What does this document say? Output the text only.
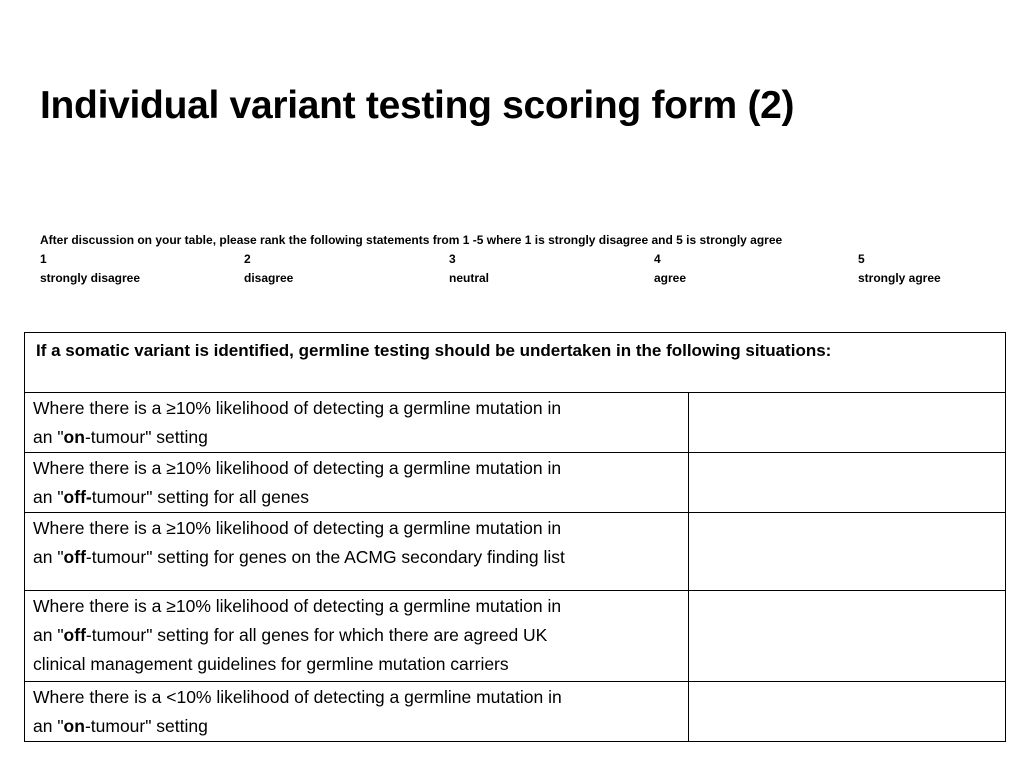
Individual variant testing scoring form (2)
After discussion on your table, please rank the following statements from 1 -5 where 1 is strongly disagree and 5 is strongly agree
1	2	3	4	5
strongly disagree	disagree	neutral	agree	strongly agree
If a somatic variant is identified, germline testing should be undertaken in the following situations:	

Where there is a ≥10% likelihood of detecting a germline mutation in
an "on-tumour" setting	

Where there is a ≥10% likelihood of detecting a germline mutation in
an "off-tumour" setting for all genes	

Where there is a ≥10% likelihood of detecting a germline mutation in
an "off-tumour" setting for genes on the ACMG secondary finding list	

Where there is a ≥10% likelihood of detecting a germline mutation in
an "off-tumour" setting for all genes for which there are agreed UK
clinical management guidelines for germline mutation carriers	

Where there is a <10% likelihood of detecting a germline mutation in
an "on-tumour" setting	
